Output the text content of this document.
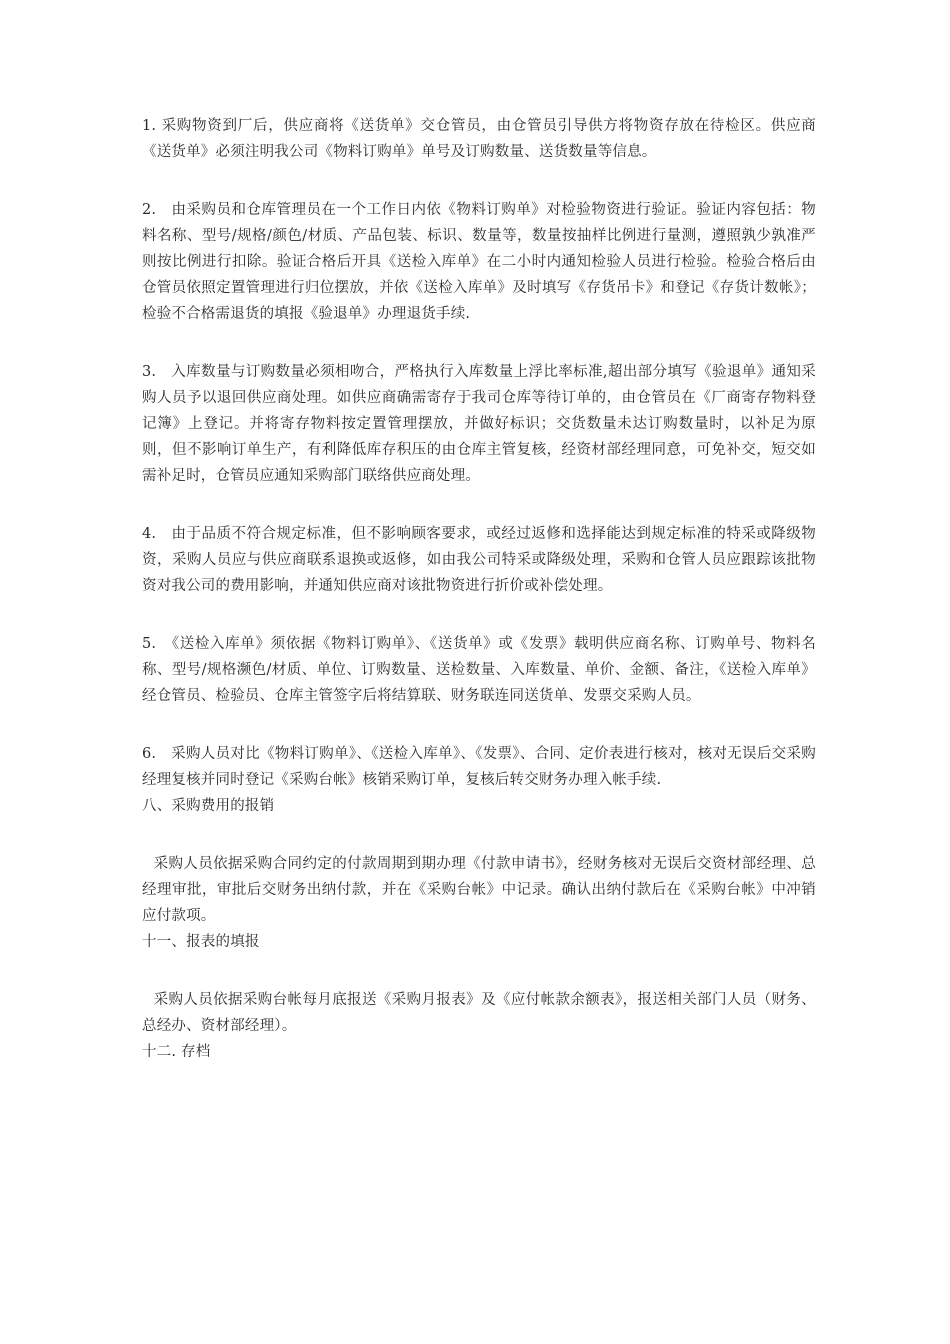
1. 采购物资到厂后，供应商将《送货单》交仓管员，由仓管员引导供方将物资存放在待检区。供应商《送货单》必须注明我公司《物料订购单》单号及订购数量、送货数量等信息。

2.　由采购员和仓库管理员在一个工作日内依《物料订购单》对检验物资进行验证。验证内容包括：物料名称、型号/规格/颜色/材质、产品包装、标识、数量等，数量按抽样比例进行量测，遵照孰少孰准严则按比例进行扣除。验证合格后开具《送检入库单》在二小时内通知检验人员进行检验。检验合格后由仓管员依照定置管理进行归位摆放，并依《送检入库单》及时填写《存货吊卡》和登记《存货计数帐》；检验不合格需退货的填报《验退单》办理退货手续.

3.　入库数量与订购数量必须相吻合，严格执行入库数量上浮比率标准,超出部分填写《验退单》通知采购人员予以退回供应商处理。如供应商确需寄存于我司仓库等待订单的，由仓管员在《厂商寄存物料登记簿》上登记。并将寄存物料按定置管理摆放，并做好标识；交货数量未达订购数量时，以补足为原则，但不影响订单生产，有利降低库存积压的由仓库主管复核，经资材部经理同意，可免补交，短交如需补足时，仓管员应通知采购部门联络供应商处理。

4.　由于品质不符合规定标准，但不影响顾客要求，或经过返修和选择能达到规定标准的特采或降级物资，采购人员应与供应商联系退换或返修，如由我公司特采或降级处理，采购和仓管人员应跟踪该批物资对我公司的费用影响，并通知供应商对该批物资进行折价或补偿处理。

5.　《送检入库单》须依据《物料订购单》、《送货单》或《发票》载明供应商名称、订购单号、物料名称、型号/规格濒色/材质、单位、订购数量、送检数量、入库数量、单价、金额、备注，《送检入库单》经仓管员、检验员、仓库主管签字后将结算联、财务联连同送货单、发票交采购人员。

6.　采购人员对比《物料订购单》、《送检入库单》、《发票》、合同、定价表进行核对，核对无误后交采购经理复核并同时登记《采购台帐》核销采购订单，复核后转交财务办理入帐手续.

八、采购费用的报销

采购人员依据采购合同约定的付款周期到期办理《付款申请书》，经财务核对无误后交资材部经理、总经理审批，审批后交财务出纳付款，并在《采购台帐》中记录。确认出纳付款后在《采购台帐》中冲销应付款项。

十一、报表的填报

采购人员依据采购台帐每月底报送《采购月报表》及《应付帐款余额表》，报送相关部门人员（财务、总经办、资材部经理）。

十二. 存档
